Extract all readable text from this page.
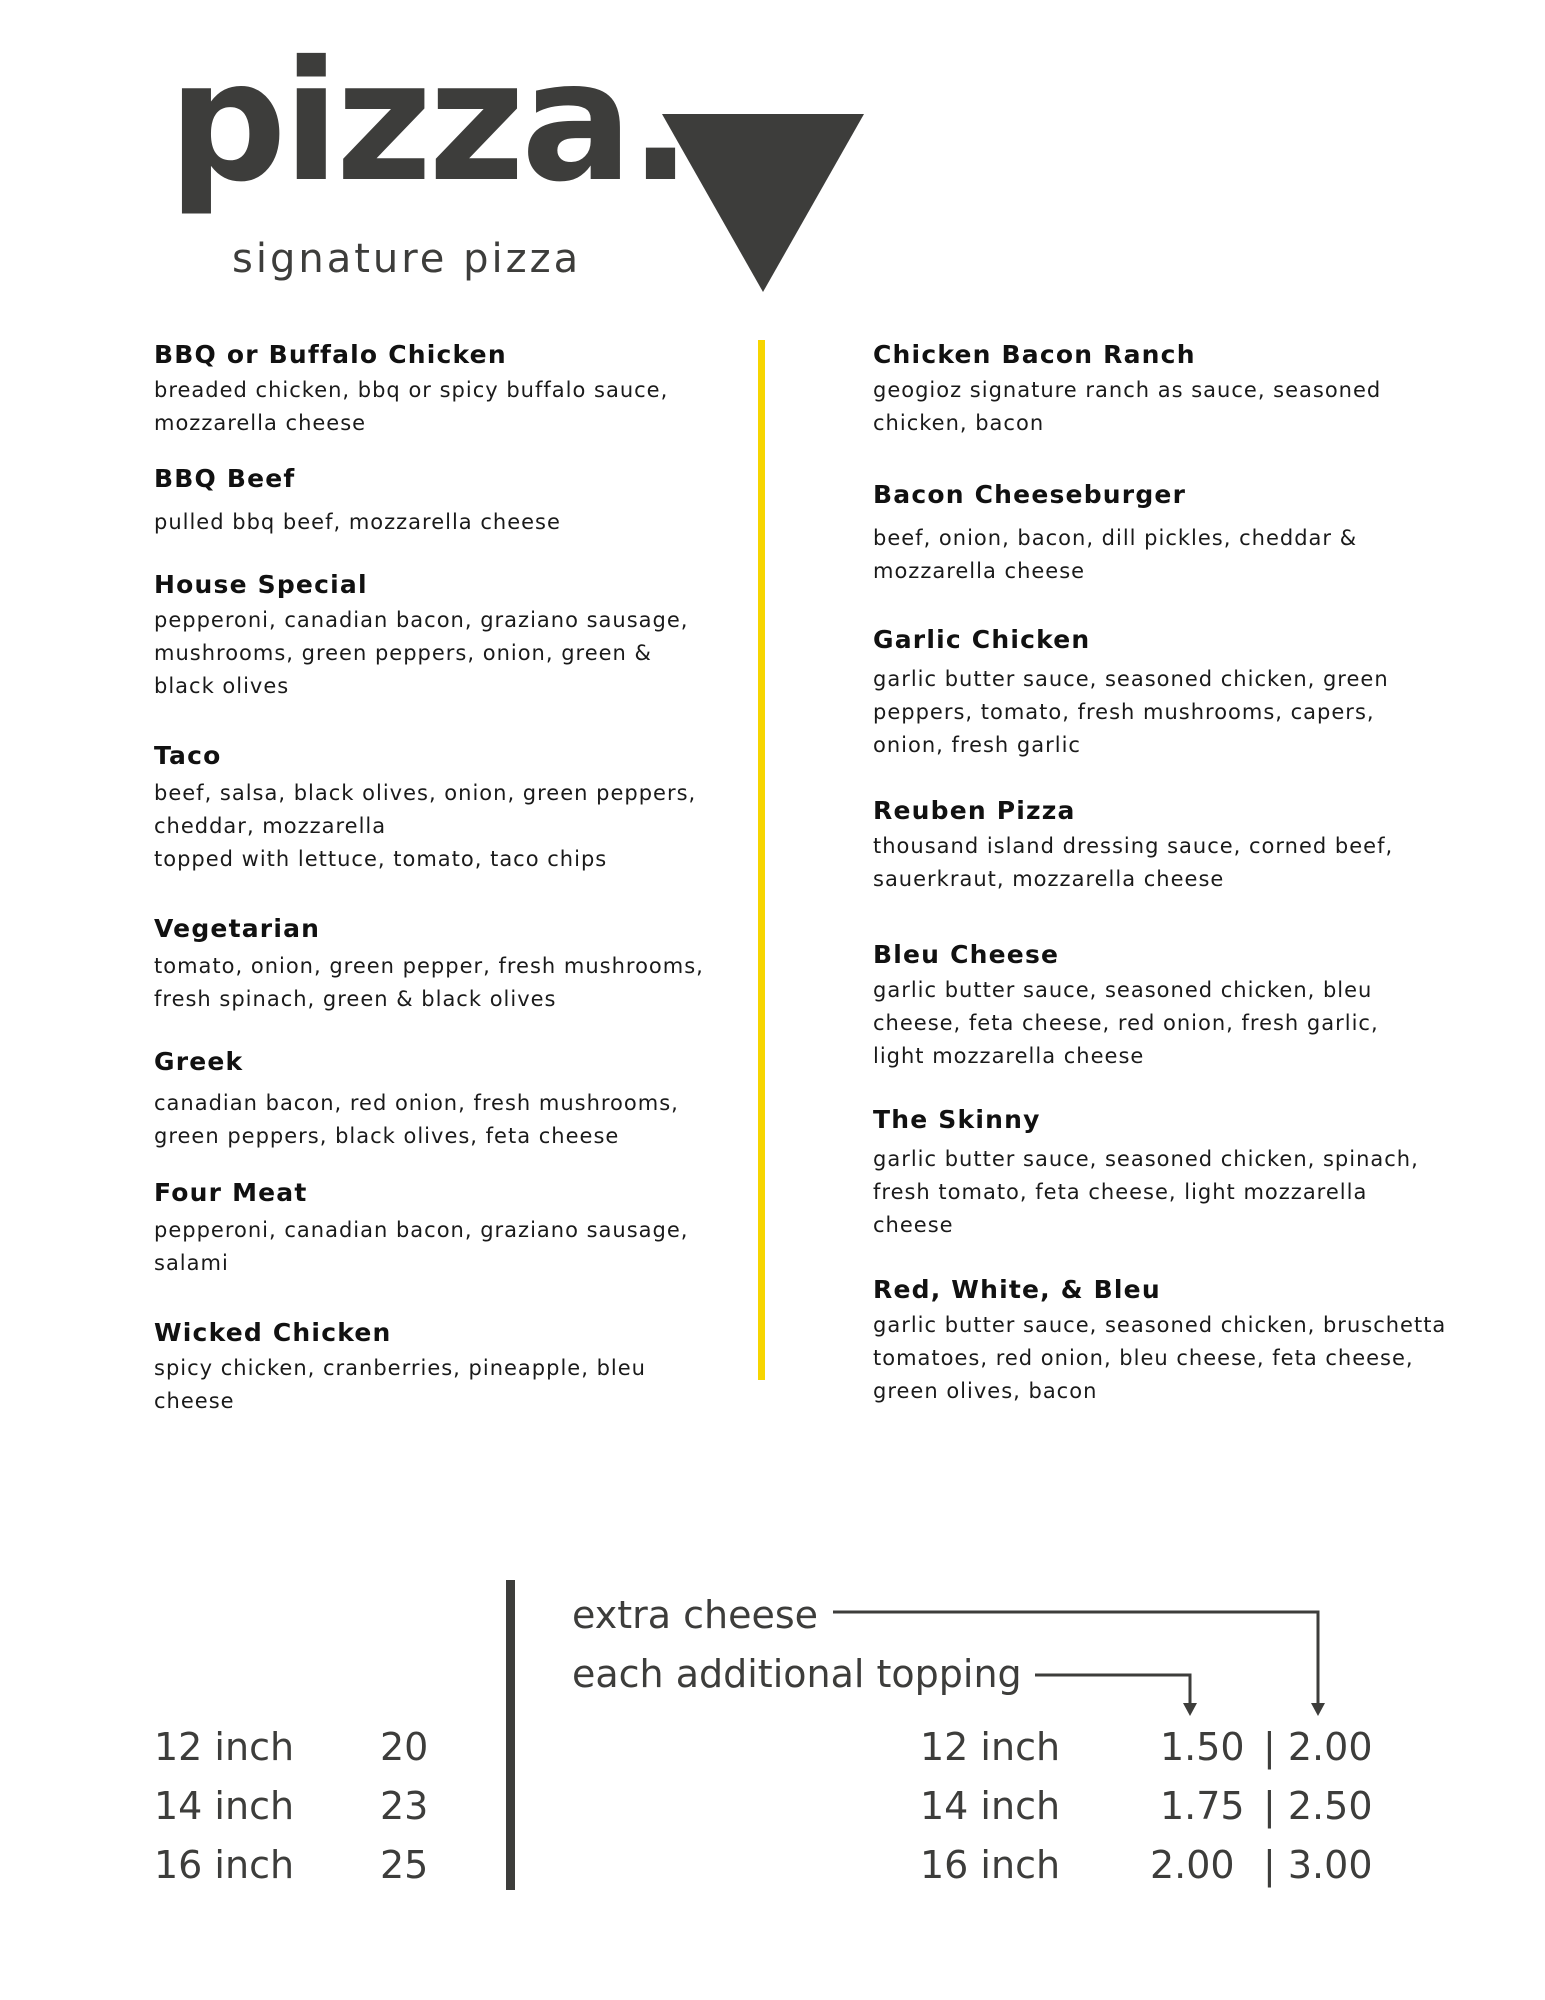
pizza.
signature pizza

BBQ or Buffalo Chicken

breaded chicken, bbq or spicy buffalo sauce,
mozzarella cheese

BBQ Beef

pulled bbq beef, mozzarella cheese

House Special

pepperoni, canadian bacon, graziano sausage,
mushrooms, green peppers, onion, green &
black olives

Taco

beef, salsa, black olives, onion, green peppers,
cheddar, mozzarella
topped with lettuce, tomato, taco chips

Vegetarian

tomato, onion, green pepper, fresh mushrooms,
fresh spinach, green & black olives

Greek

canadian bacon, red onion, fresh mushrooms,
green peppers, black olives, feta cheese

Four Meat

pepperoni, canadian bacon, graziano sausage,
salami

Wicked Chicken

spicy chicken, cranberries, pineapple, bleu cheese

Chicken Bacon Ranch

geogioz signature ranch as sauce, seasoned
chicken, bacon

Bacon Cheeseburger

beef, onion, bacon, dill pickles, cheddar &
mozzarella cheese

Garlic Chicken

garlic butter sauce, seasoned chicken, green
peppers, tomato, fresh mushrooms, capers,
onion, fresh garlic

Reuben Pizza

thousand island dressing sauce, corned beef,
sauerkraut, mozzarella cheese

Bleu Cheese

garlic butter sauce, seasoned chicken, bleu
cheese, feta cheese, red onion, fresh garlic,
light mozzarella cheese

The Skinny

garlic butter sauce, seasoned chicken, spinach,
fresh tomato, feta cheese, light mozzarella
cheese

Red, White, & Bleu

garlic butter sauce, seasoned chicken, bruschetta
tomatoes, red onion, bleu cheese, feta cheese,
green olives, bacon

12 inch 20
14 inch 23
16 inch 25
extra cheese
each additional topping
12 inch	1.50 | 2.00
14 inch	1.75 | 2.50
16 inch 2.00 | 3.00
